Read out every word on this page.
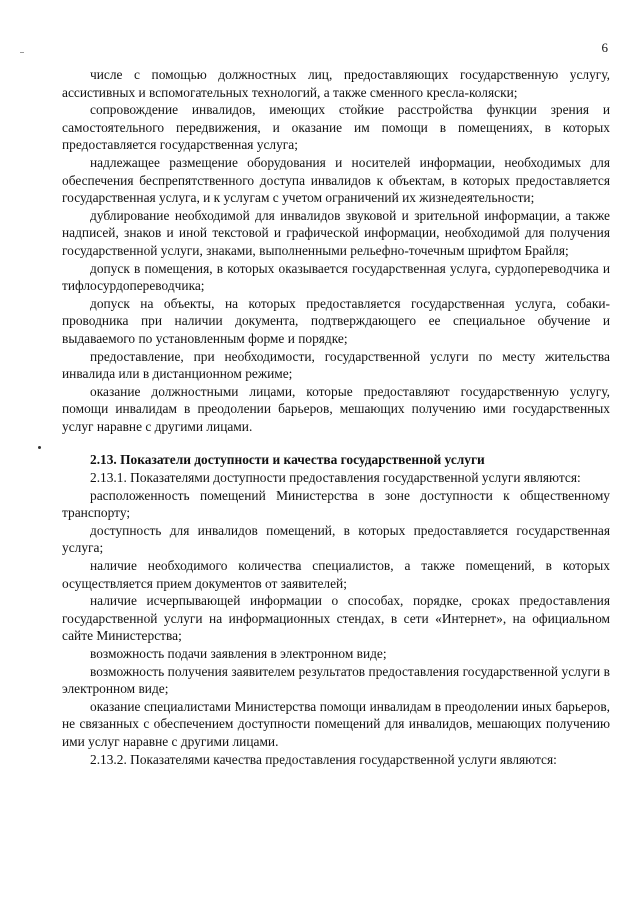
6

числе с помощью должностных лиц, предоставляющих государственную услугу, ассистивных и вспомогательных технологий, а также сменного кресла-коляски;

сопровождение инвалидов, имеющих стойкие расстройства функции зрения и самостоятельного передвижения, и оказание им помощи в помещениях, в которых предоставляется государственная услуга;

надлежащее размещение оборудования и носителей информации, необходимых для обеспечения беспрепятственного доступа инвалидов к объектам, в которых предоставляется государственная услуга, и к услугам с учетом ограничений их жизнедеятельности;

дублирование необходимой для инвалидов звуковой и зрительной информации, а также надписей, знаков и иной текстовой и графической информации, необходимой для получения государственной услуги, знаками, выполненными рельефно-точечным шрифтом Брайля;

допуск в помещения, в которых оказывается государственная услуга, сурдопереводчика и тифлосурдопереводчика;

допуск на объекты, на которых предоставляется государственная услуга, собаки-проводника при наличии документа, подтверждающего ее специальное обучение и выдаваемого по установленным форме и порядке;

предоставление, при необходимости, государственной услуги по месту жительства инвалида или в дистанционном режиме;

оказание должностными лицами, которые предоставляют государственную услугу, помощи инвалидам в преодолении барьеров, мешающих получению ими государственных услуг наравне с другими лицами.

2.13. Показатели доступности и качества государственной услуги

2.13.1. Показателями доступности предоставления государственной услуги являются:

расположенность помещений Министерства в зоне доступности к общественному транспорту;

доступность для инвалидов помещений, в которых предоставляется государственная услуга;

наличие необходимого количества специалистов, а также помещений, в которых осуществляется прием документов от заявителей;

наличие исчерпывающей информации о способах, порядке, сроках предоставления государственной услуги на информационных стендах, в сети «Интернет», на официальном сайте Министерства;

возможность подачи заявления в электронном виде;

возможность получения заявителем результатов предоставления государственной услуги в электронном виде;

оказание специалистами Министерства помощи инвалидам в преодолении иных барьеров, не связанных с обеспечением доступности помещений для инвалидов, мешающих получению ими услуг наравне с другими лицами.

2.13.2. Показателями качества предоставления государственной услуги являются:
